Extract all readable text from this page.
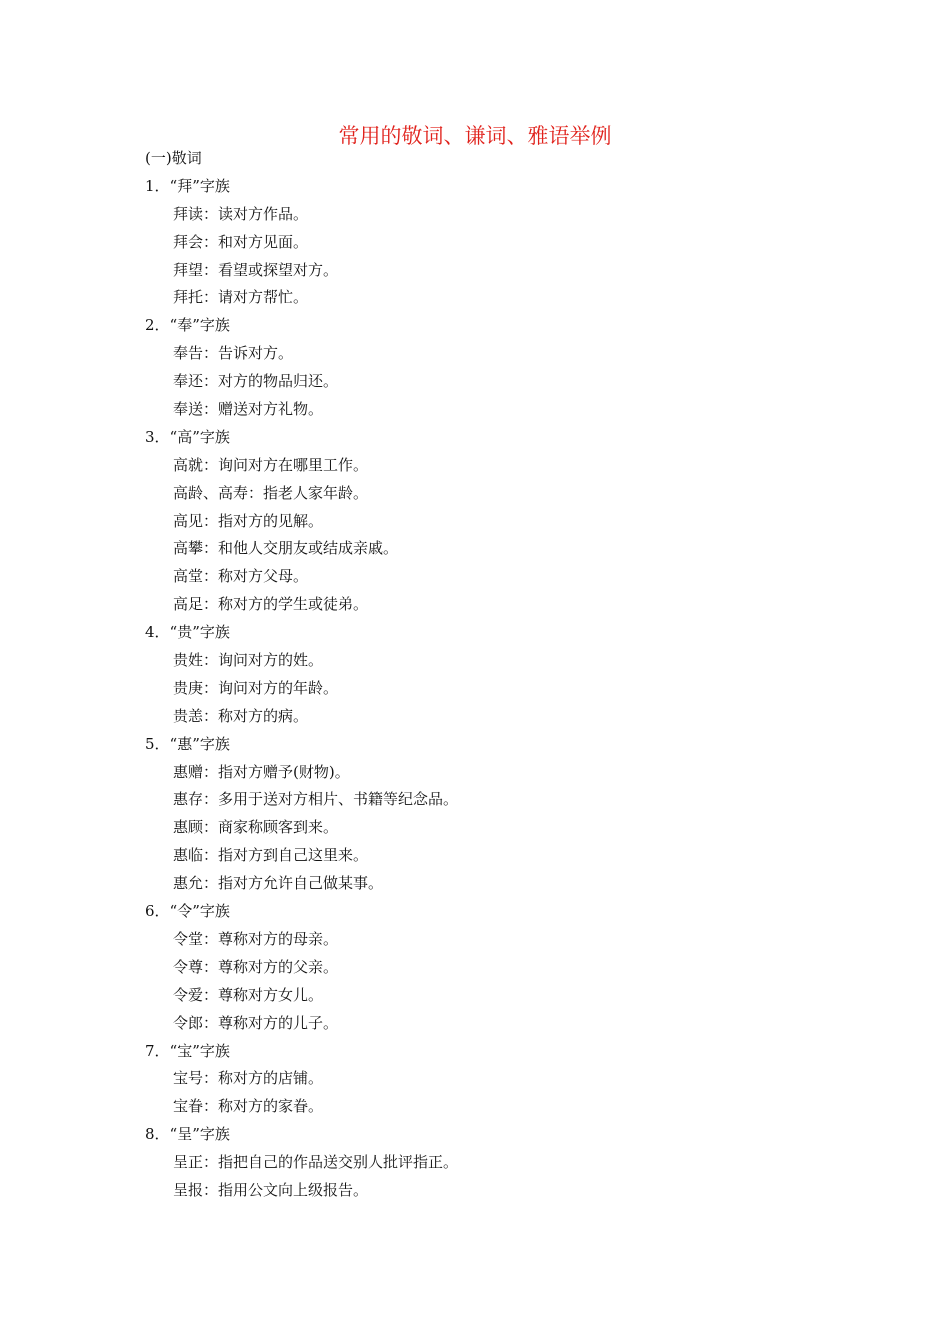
常用的敬词、谦词、雅语举例
(一)敬词
1．“拜”字族
拜读 ： 读对方作品。
拜会 ： 和对方见面。
拜望 ： 看望或探望对方。
拜托 ： 请对方帮忙。
2．“奉”字族
奉告 ： 告诉对方。
奉还 ： 对方的物品归还。
奉送 ： 赠送对方礼物。
3．“高”字族
高就 ： 询问对方在哪里工作。
高龄、高寿 ： 指老人家年龄。
高见 ： 指对方的见解。
高攀 ： 和他人交朋友或结成亲戚。
高堂 ： 称对方父母。
高足 ： 称对方的学生或徒弟。
4．“贵”字族
贵姓 ： 询问对方的姓。
贵庚 ： 询问对方的年龄。
贵恙 ： 称对方的病。
5．“惠”字族
惠赠 ： 指对方赠予(财物)。
惠存 ： 多用于送对方相片、书籍等纪念品。
惠顾 ： 商家称顾客到来。
惠临 ： 指对方到自己这里来。
惠允 ： 指对方允许自己做某事。
6．“令”字族
令堂 ： 尊称对方的母亲。
令尊 ： 尊称对方的父亲。
令爱 ： 尊称对方女儿。
令郎 ： 尊称对方的儿子。
7．“宝”字族
宝号 ： 称对方的店铺。
宝眷 ： 称对方的家眷。
8．“呈”字族
呈正 ： 指把自己的作品送交别人批评指正。
呈报 ： 指用公文向上级报告。
